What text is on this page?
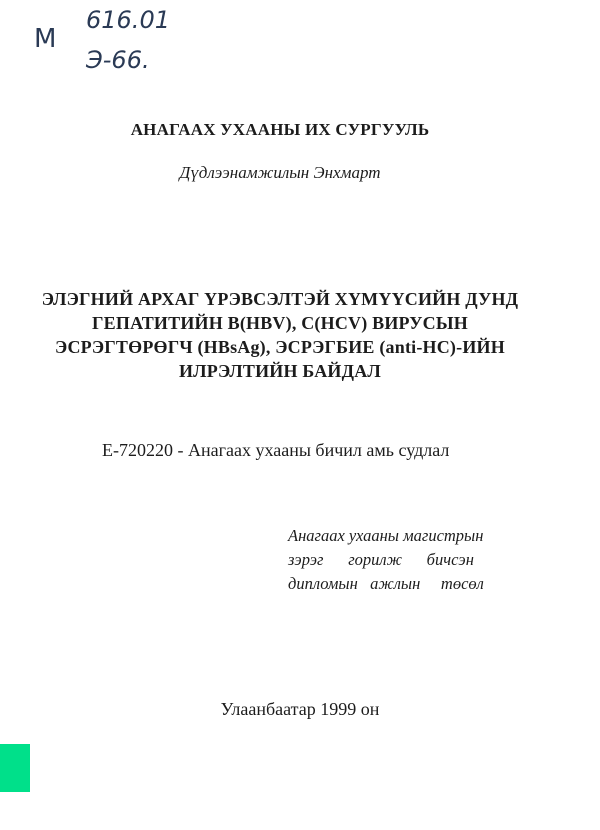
М
616.01
Э-66.
АНАГААХ УХААНЫ ИХ СУРГУУЛЬ
Дүдлээнамжилын Энхмарт
ЭЛЭГНИЙ АРХАГ ҮРЭВСЭЛТЭЙ ХҮМҮҮСИЙН ДУНД
ГЕПАТИТИЙН В(HBV), С(HCV) ВИРУСЫН
ЭСРЭГТӨРӨГЧ (HBsAg), ЭСРЭГБИЕ (anti-HC)-ИЙН
ИЛРЭЛТИЙН БАЙДАЛ
Е-720220 - Анагаах ухааны бичил амь судлал
Анагаах ухааны магистрын
зэрэг      горилж      бичсэн
дипломын   ажлын     төсөл
Улаанбаатар 1999 он
